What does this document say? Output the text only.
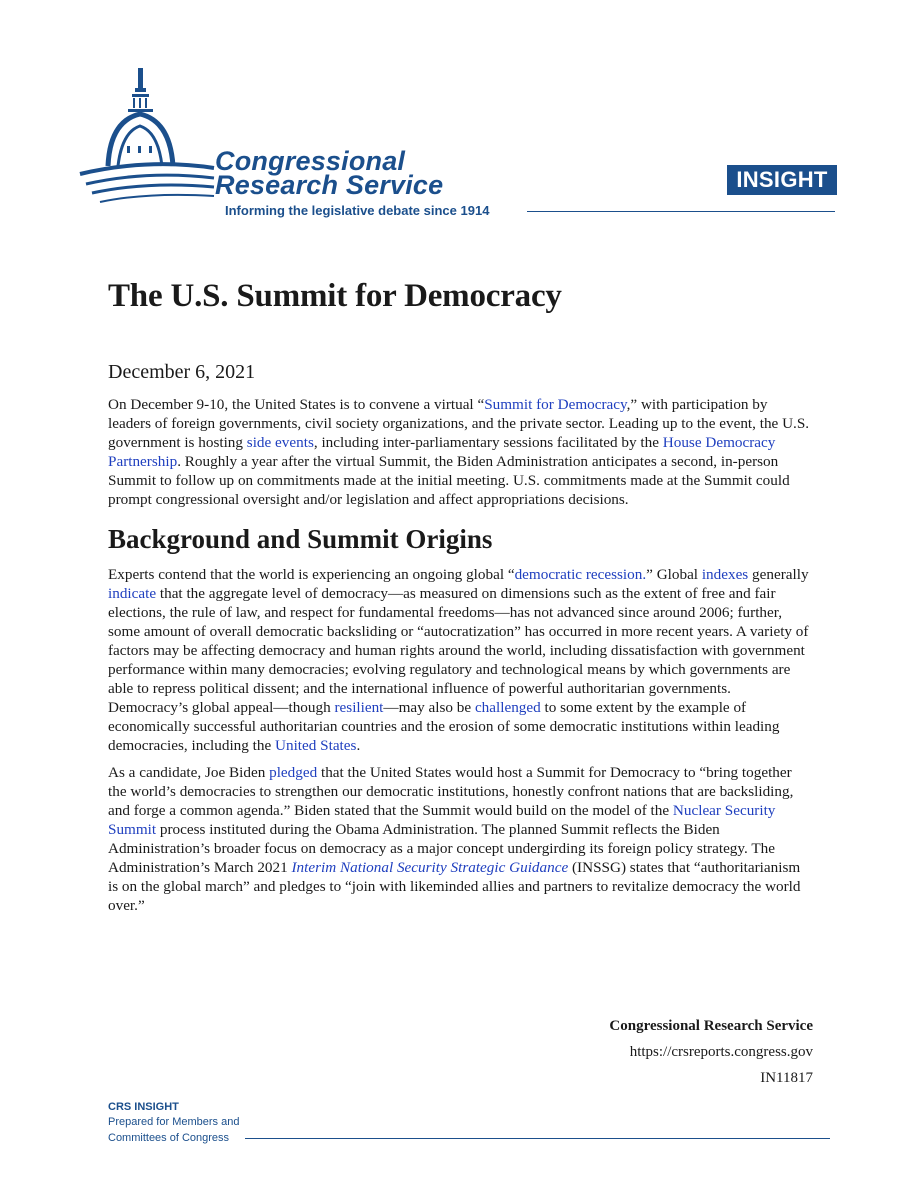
Congressional
Research Service
Informing the legislative debate since 1914
INSIGHT
The U.S. Summit for Democracy
December 6, 2021

On December 9-10, the United States is to convene a virtual “Summit for Democracy,” with participation by leaders of foreign governments, civil society organizations, and the private sector. Leading up to the event, the U.S. government is hosting side events, including inter-parliamentary sessions facilitated by the House Democracy Partnership. Roughly a year after the virtual Summit, the Biden Administration anticipates a second, in-person Summit to follow up on commitments made at the initial meeting. U.S. commitments made at the Summit could prompt congressional oversight and/or legislation and affect appropriations decisions.

Background and Summit Origins

Experts contend that the world is experiencing an ongoing global “democratic recession.” Global indexes generally indicate that the aggregate level of democracy—as measured on dimensions such as the extent of free and fair elections, the rule of law, and respect for fundamental freedoms—has not advanced since around 2006; further, some amount of overall democratic backsliding or “autocratization” has occurred in more recent years. A variety of factors may be affecting democracy and human rights around the world, including dissatisfaction with government performance within many democracies; evolving regulatory and technological means by which governments are able to repress political dissent; and the international influence of powerful authoritarian governments. Democracy’s global appeal—though resilient—may also be challenged to some extent by the example of economically successful authoritarian countries and the erosion of some democratic institutions within leading democracies, including the United States.

As a candidate, Joe Biden pledged that the United States would host a Summit for Democracy to “bring together the world’s democracies to strengthen our democratic institutions, honestly confront nations that are backsliding, and forge a common agenda.” Biden stated that the Summit would build on the model of the Nuclear Security Summit process instituted during the Obama Administration. The planned Summit reflects the Biden Administration’s broader focus on democracy as a major concept undergirding its foreign policy strategy. The Administration’s March 2021 Interim National Security Strategic Guidance (INSSG) states that “authoritarianism is on the global march” and pledges to “join with likeminded allies and partners to revitalize democracy the world over.”

Congressional Research Service
https://crsreports.congress.gov
IN11817
CRS INSIGHT
Prepared for Members and
Committees of Congress
